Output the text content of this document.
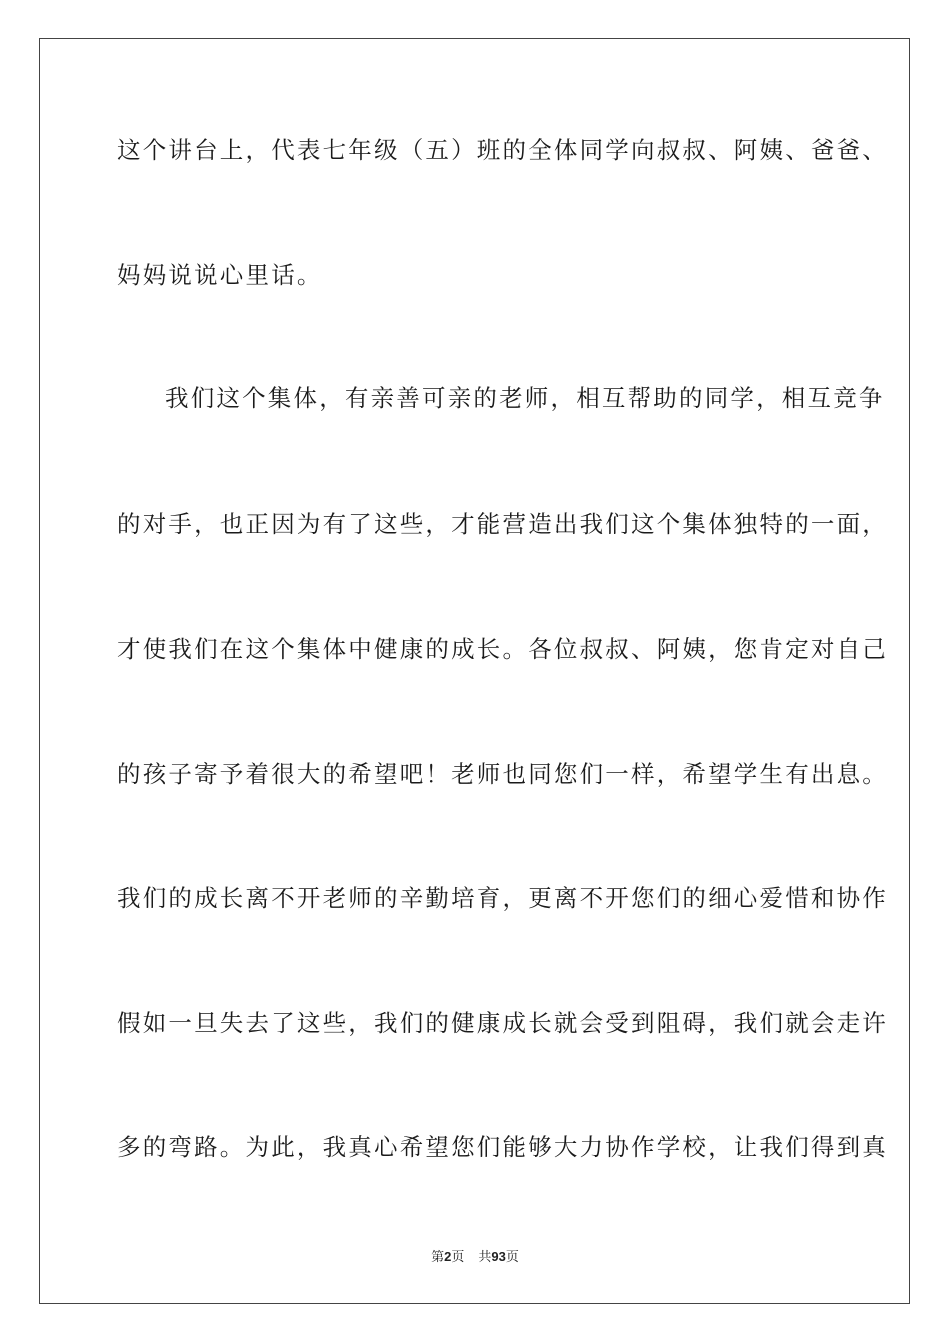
这个讲台上，代表七年级（五）班的全体同学向叔叔、阿姨、爸爸、
妈妈说说心里话。
我们这个集体，有亲善可亲的老师，相互帮助的同学，相互竞争
的对手，也正因为有了这些，才能营造出我们这个集体独特的一面，
才使我们在这个集体中健康的成长。各位叔叔、阿姨，您肯定对自己
的孩子寄予着很大的希望吧！老师也同您们一样，希望学生有出息。
我们的成长离不开老师的辛勤培育，更离不开您们的细心爱惜和协作
假如一旦失去了这些，我们的健康成长就会受到阻碍，我们就会走许
多的弯路。为此，我真心希望您们能够大力协作学校，让我们得到真
第2页 共93页
